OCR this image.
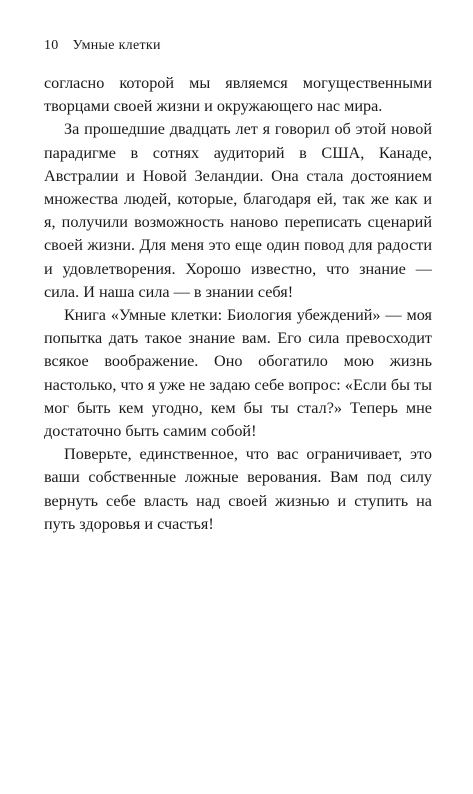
10 Умные клетки

согласно которой мы являемся могущественными творцами своей жизни и окружающего нас мира.

За прошедшие двадцать лет я говорил об этой новой парадигме в сотнях аудиторий в США, Канаде, Австралии и Новой Зеландии. Она стала достоянием множества людей, которые, благодаря ей, так же как и я, получили возможность наново переписать сценарий своей жизни. Для меня это еще один повод для радости и удовлетворения. Хорошо известно, что знание — сила. И наша сила — в знании себя!

Книга «Умные клетки: Биология убеждений» — моя попытка дать такое знание вам. Его сила превосходит всякое воображение. Оно обогатило мою жизнь настолько, что я уже не задаю себе вопрос: «Если бы ты мог быть кем угодно, кем бы ты стал?» Теперь мне достаточно быть самим собой!

Поверьте, единственное, что вас ограничивает, это ваши собственные ложные верования. Вам под силу вернуть себе власть над своей жизнью и ступить на путь здоровья и счастья!
